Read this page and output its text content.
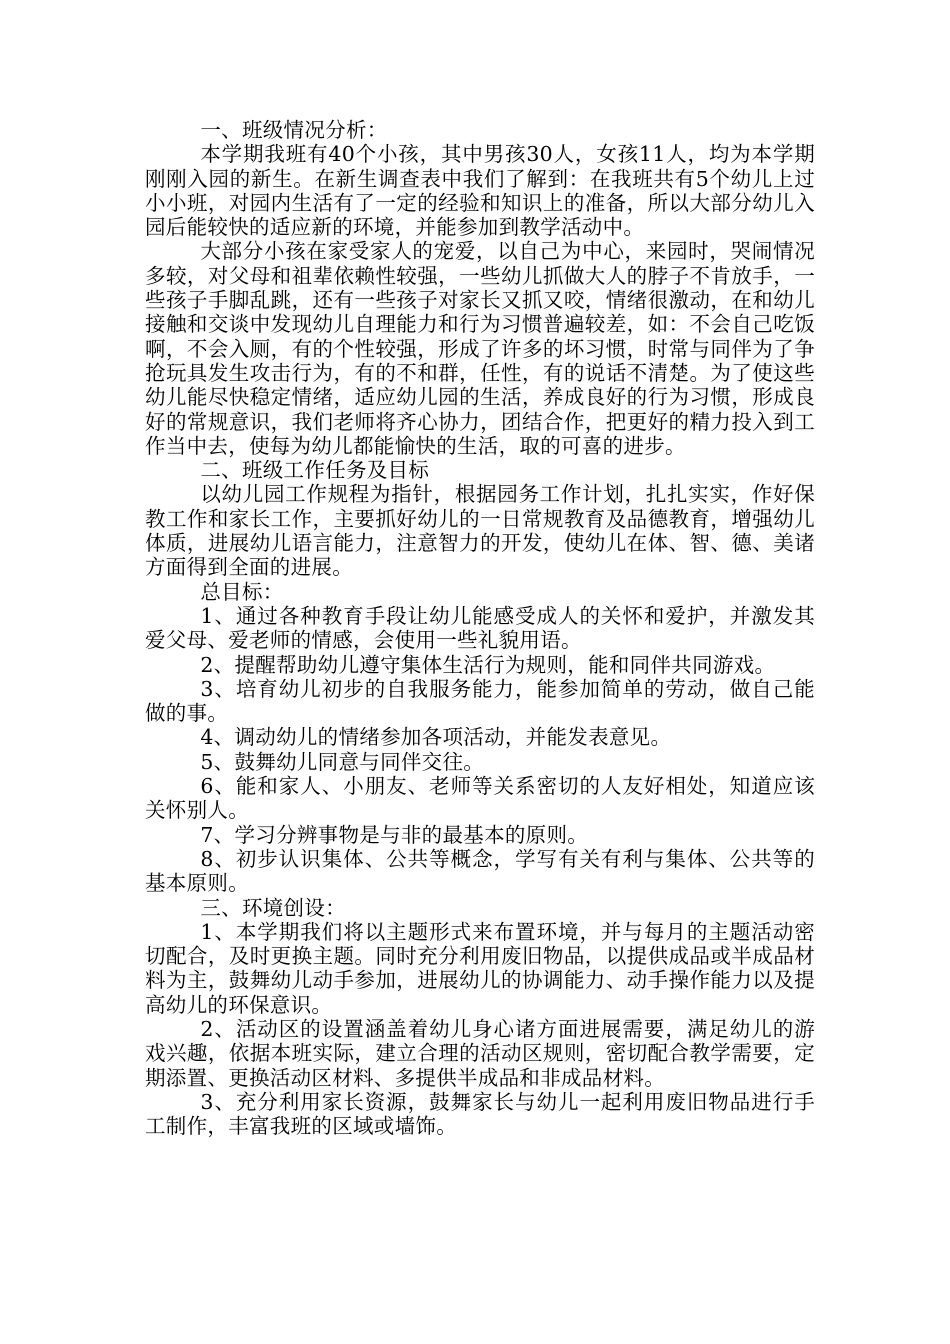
一、班级情况分析：

本学期我班有40个小孩，其中男孩30人，女孩11人，均为本学期刚刚入园的新生。在新生调查表中我们了解到：在我班共有5个幼儿上过小小班，对园内生活有了一定的经验和知识上的准备，所以大部分幼儿入园后能较快的适应新的环境，并能参加到教学活动中。

大部分小孩在家受家人的宠爱，以自己为中心，来园时，哭闹情况多较，对父母和祖辈依赖性较强，一些幼儿抓做大人的脖子不肯放手，一些孩子手脚乱跳，还有一些孩子对家长又抓又咬，情绪很激动，在和幼儿接触和交谈中发现幼儿自理能力和行为习惯普遍较差，如：不会自己吃饭啊，不会入厕，有的个性较强，形成了许多的坏习惯，时常与同伴为了争抢玩具发生攻击行为，有的不和群，任性，有的说话不清楚。为了使这些幼儿能尽快稳定情绪，适应幼儿园的生活，养成良好的行为习惯，形成良好的常规意识，我们老师将齐心协力，团结合作，把更好的精力投入到工作当中去，使每为幼儿都能愉快的生活，取的可喜的进步。

二、班级工作任务及目标

以幼儿园工作规程为指针，根据园务工作计划，扎扎实实，作好保教工作和家长工作，主要抓好幼儿的一日常规教育及品德教育，增强幼儿体质，进展幼儿语言能力，注意智力的开发，使幼儿在体、智、德、美诸方面得到全面的进展。

总目标：

1、通过各种教育手段让幼儿能感受成人的关怀和爱护，并激发其爱父母、爱老师的情感，会使用一些礼貌用语。

2、提醒帮助幼儿遵守集体生活行为规则，能和同伴共同游戏。

3、培育幼儿初步的自我服务能力，能参加简单的劳动，做自己能做的事。

4、调动幼儿的情绪参加各项活动，并能发表意见。

5、鼓舞幼儿同意与同伴交往。

6、能和家人、小朋友、老师等关系密切的人友好相处，知道应该关怀别人。

7、学习分辨事物是与非的最基本的原则。

8、初步认识集体、公共等概念，学写有关有利与集体、公共等的基本原则。

三、环境创设：

1、本学期我们将以主题形式来布置环境，并与每月的主题活动密切配合，及时更换主题。同时充分利用废旧物品，以提供成品或半成品材料为主，鼓舞幼儿动手参加，进展幼儿的协调能力、动手操作能力以及提高幼儿的环保意识。

2、活动区的设置涵盖着幼儿身心诸方面进展需要，满足幼儿的游戏兴趣，依据本班实际，建立合理的活动区规则，密切配合教学需要，定期添置、更换活动区材料、多提供半成品和非成品材料。

3、充分利用家长资源，鼓舞家长与幼儿一起利用废旧物品进行手工制作，丰富我班的区域或墙饰。
